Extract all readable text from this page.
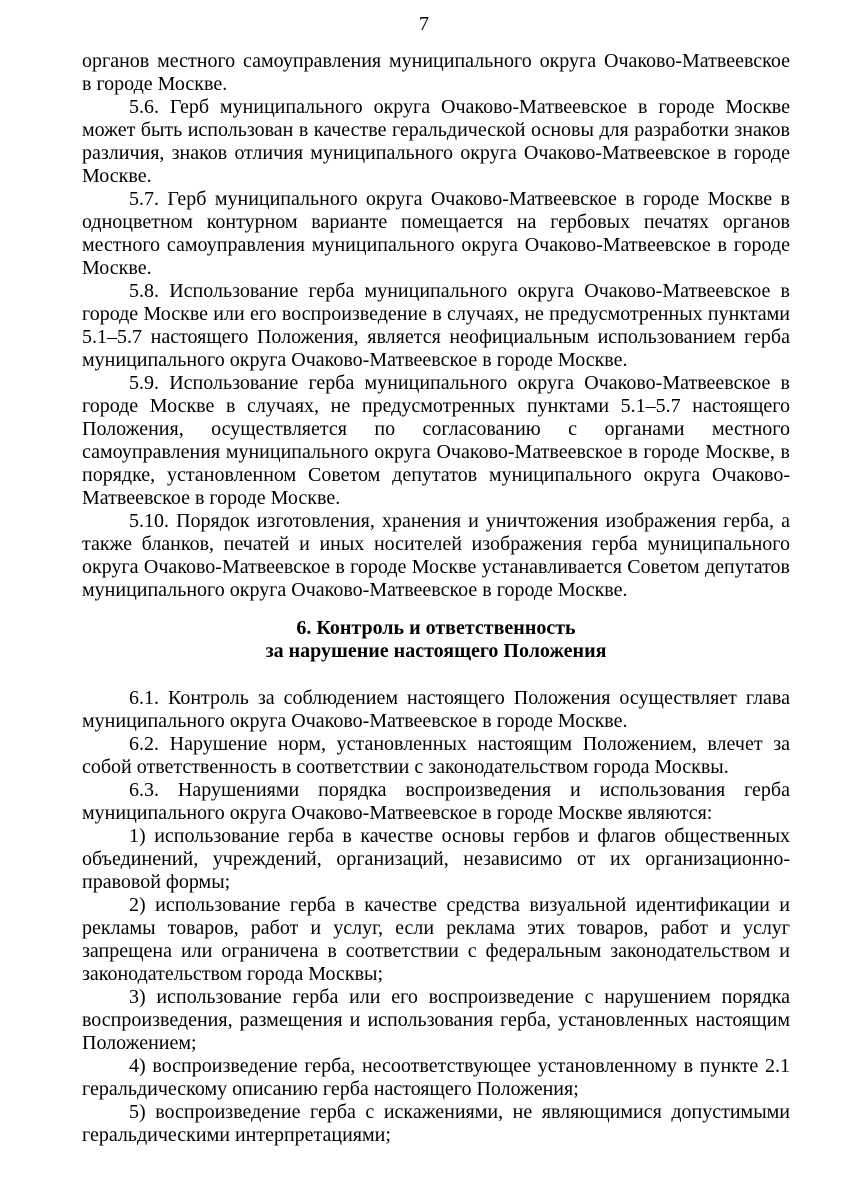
7

органов местного самоуправления муниципального округа Очаково-Матвеевское в городе Москве.

5.6. Герб муниципального округа Очаково-Матвеевское в городе Москве может быть использован в качестве геральдической основы для разработки знаков различия, знаков отличия муниципального округа Очаково-Матвеевское в городе Москве.

5.7. Герб муниципального округа Очаково-Матвеевское в городе Москве в одноцветном контурном варианте помещается на гербовых печатях органов местного самоуправления муниципального округа Очаково-Матвеевское в городе Москве.

5.8. Использование герба муниципального округа Очаково-Матвеевское в городе Москве или его воспроизведение в случаях, не предусмотренных пунктами 5.1–5.7 настоящего Положения, является неофициальным использованием герба муниципального округа Очаково-Матвеевское в городе Москве.

5.9. Использование герба муниципального округа Очаково-Матвеевское в городе Москве в случаях, не предусмотренных пунктами 5.1–5.7 настоящего Положения, осуществляется по согласованию с органами местного самоуправления муниципального округа Очаково-Матвеевское в городе Москве, в порядке, установленном Советом депутатов муниципального округа Очаково-Матвеевское в городе Москве.

5.10. Порядок изготовления, хранения и уничтожения изображения герба, а также бланков, печатей и иных носителей изображения герба муниципального округа Очаково-Матвеевское в городе Москве устанавливается Советом депутатов муниципального округа Очаково-Матвеевское в городе Москве.

6. Контроль и ответственность
за нарушение настоящего Положения

6.1. Контроль за соблюдением настоящего Положения осуществляет глава муниципального округа Очаково-Матвеевское в городе Москве.

6.2. Нарушение норм, установленных настоящим Положением, влечет за собой ответственность в соответствии с законодательством города Москвы.

6.3. Нарушениями порядка воспроизведения и использования герба муниципального округа Очаково-Матвеевское в городе Москве являются:

1) использование герба в качестве основы гербов и флагов общественных объединений, учреждений, организаций, независимо от их организационно-правовой формы;

2) использование герба в качестве средства визуальной идентификации и рекламы товаров, работ и услуг, если реклама этих товаров, работ и услуг запрещена или ограничена в соответствии с федеральным законодательством и законодательством города Москвы;

3) использование герба или его воспроизведение с нарушением порядка воспроизведения, размещения и использования герба, установленных настоящим Положением;

4) воспроизведение герба, несоответствующее установленному в пункте 2.1 геральдическому описанию герба настоящего Положения;

5) воспроизведение герба с искажениями, не являющимися допустимыми геральдическими интерпретациями;
